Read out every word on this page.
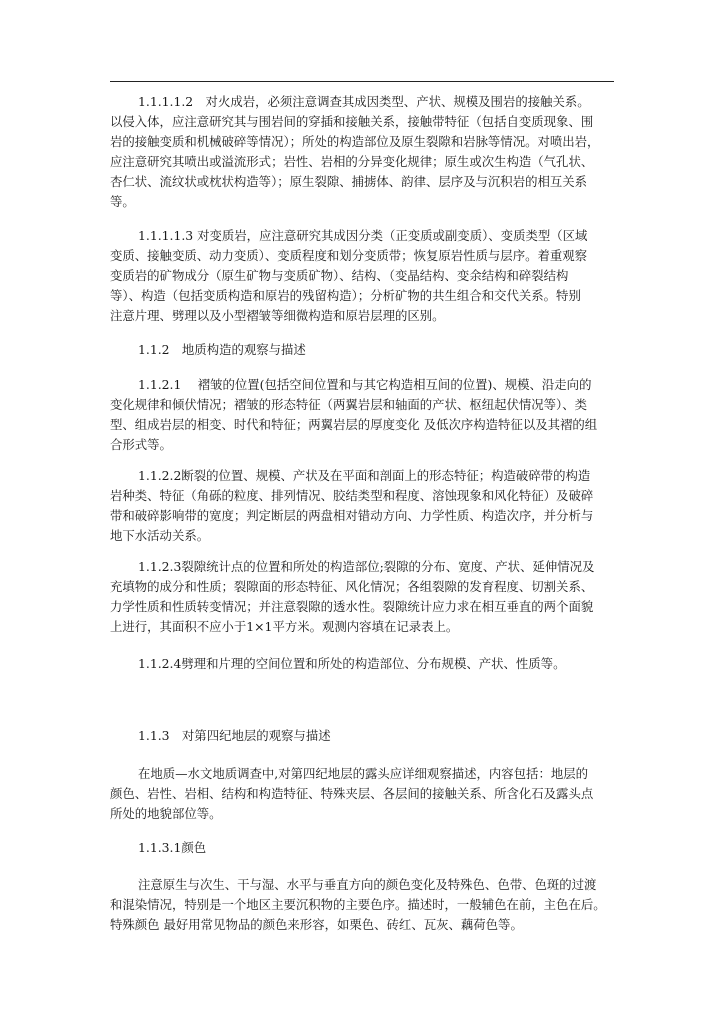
1.1.1.1.2　对火成岩，必须注意调查其成因类型、产状、规模及围岩的接触关系。
以侵入体，应注意研究其与围岩间的穿插和接触关系，接触带特征（包括自变质现象、围
岩的接触变质和机械破碎等情况）；所处的构造部位及原生裂隙和岩脉等情况。对喷出岩，
应注意研究其喷出或溢流形式；岩性、岩相的分异变化规律；原生或次生构造（气孔状、
杏仁状、流纹状或枕状构造等）；原生裂隙、捕掳体、韵律、层序及与沉积岩的相互关系
等。
1.1.1.1.3 对变质岩，应注意研究其成因分类（正变质或副变质）、变质类型（区域
变质、接触变质、动力变质）、变质程度和划分变质带；恢复原岩性质与层序。着重观察
变质岩的矿物成分（原生矿物与变质矿物）、结构、（变晶结构、变余结构和碎裂结构
等）、构造（包括变质构造和原岩的残留构造）；分析矿物的共生组合和交代关系。特别
注意片理、劈理以及小型褶皱等细微构造和原岩层理的区别。
1.1.2　地质构造的观察与描述
1.1.2.1　 褶皱的位置(包括空间位置和与其它构造相互间的位置)、规模、沿走向的
变化规律和倾伏情况；褶皱的形态特征（两翼岩层和轴面的产状、枢纽起伏情况等）、类
型、组成岩层的相变、时代和特征；两翼岩层的厚度变化 及低次序构造特征以及其褶的组
合形式等。
1.1.2.2断裂的位置、规模、产状及在平面和剖面上的形态特征；构造破碎带的构造
岩种类、特征（角砾的粒度、排列情况、胶结类型和程度、溶蚀现象和风化特征）及破碎
带和破碎影响带的宽度；判定断层的两盘相对错动方向、力学性质、构造次序，并分析与
地下水活动关系。
1.1.2.3裂隙统计点的位置和所处的构造部位;裂隙的分布、宽度、产状、延伸情况及
充填物的成分和性质；裂隙面的形态特征、风化情况；各组裂隙的发育程度、切割关系、
力学性质和性质转变情况；并注意裂隙的透水性。裂隙统计应力求在相互垂直的两个面貌
上进行，其面积不应小于1×1平方米。观测内容填在记录表上。
1.1.2.4劈理和片理的空间位置和所处的构造部位、分布规模、产状、性质等。
1.1.3　对第四纪地层的观察与描述
在地质—水文地质调查中,对第四纪地层的露头应详细观察描述，内容包括：地层的
颜色、岩性、岩相、结构和构造特征、特殊夹层、各层间的接触关系、所含化石及露头点
所处的地貌部位等。
1.1.3.1颜色
注意原生与次生、干与湿、水平与垂直方向的颜色变化及特殊色、色带、色斑的过渡
和混染情况，特别是一个地区主要沉积物的主要色序。描述时，一般辅色在前，主色在后。
特殊颜色 最好用常见物品的颜色来形容，如栗色、砖红、瓦灰、藕荷色等。
